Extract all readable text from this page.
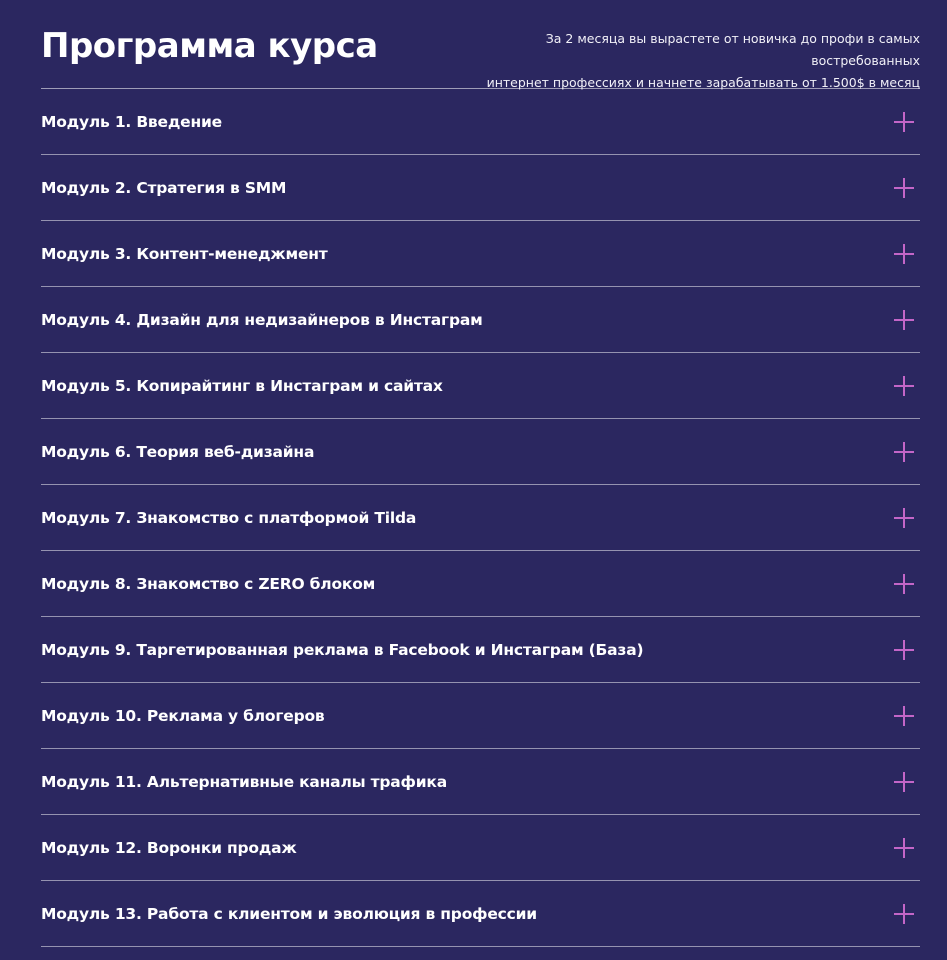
Программа курса	За 2 месяца вы вырастете от новичка до профи в самых востребованных
интернет профессиях и начнете зарабатывать от 1.500$ в месяц

Модуль 1. Введение
Модуль 2. Стратегия в SMM
Модуль 3. Контент-менеджмент
Модуль 4. Дизайн для недизайнеров в Инстаграм
Модуль 5. Копирайтинг в Инстаграм и сайтах
Модуль 6. Теория веб-дизайна
Модуль 7. Знакомство с платформой Tilda
Модуль 8. Знакомство с ZERO блоком
Модуль 9. Таргетированная реклама в Facebook и Инстаграм (База)
Модуль 10. Реклама у блогеров
Модуль 11. Альтернативные каналы трафика
Модуль 12. Воронки продаж
Модуль 13. Работа с клиентом и эволюция в профессии
